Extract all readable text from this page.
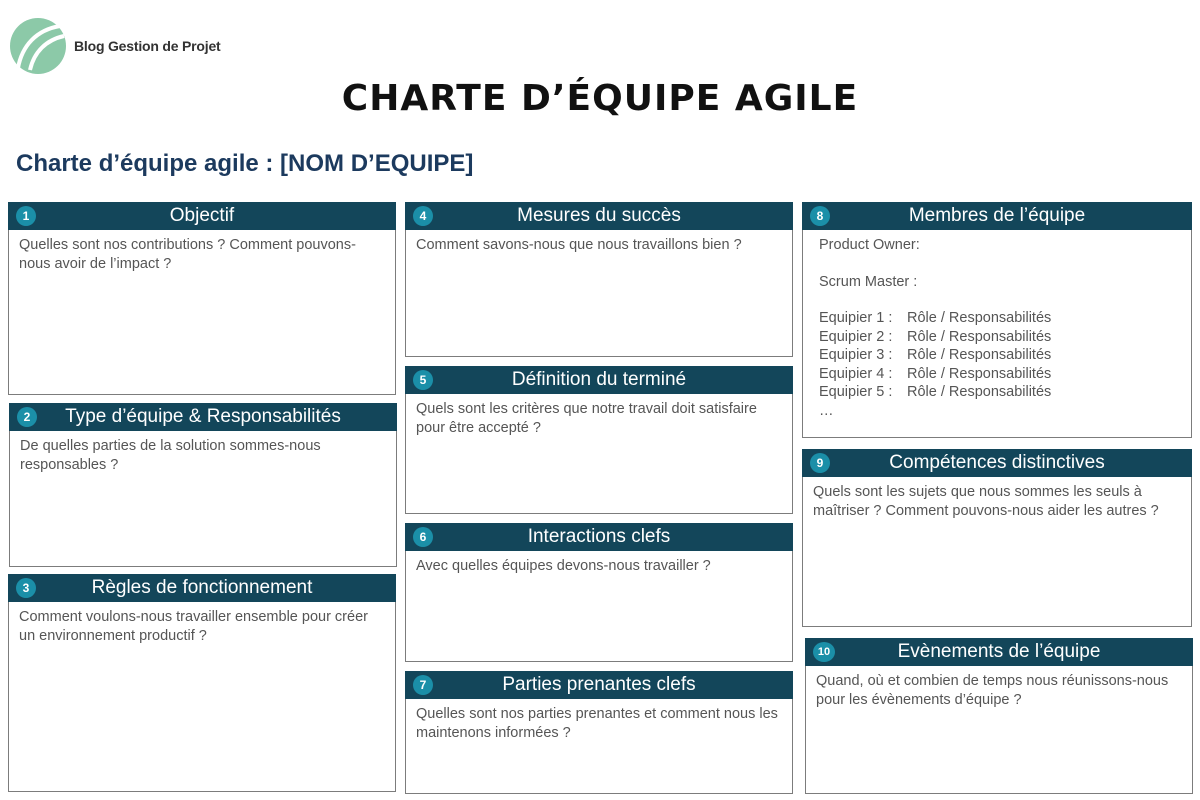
Blog Gestion de Projet
CHARTE D’ÉQUIPE AGILE
Charte d’équipe agile : [NOM D’EQUIPE]
1	Objectif
Quelles sont nos contributions ? Comment pouvons-nous avoir de l’impact ?
2	Type d’équipe & Responsabilités
De quelles parties de la solution sommes-nous responsables ?
3	Règles de fonctionnement
Comment voulons-nous travailler ensemble pour créer un environnement productif ?
4	Mesures du succès
Comment savons-nous que nous travaillons bien ?
5	Définition du terminé
Quels sont les critères que notre travail doit satisfaire pour être accepté ?
6	Interactions clefs
Avec quelles équipes devons-nous travailler ?
7	Parties prenantes clefs
Quelles sont nos parties prenantes et comment nous les maintenons informées ?
8	Membres de l’équipe
Product Owner:
Scrum Master :
Equipier 1 :	Rôle / Responsabilités
Equipier 2 :	Rôle / Responsabilités
Equipier 3 :	Rôle / Responsabilités
Equipier 4 :	Rôle / Responsabilités
Equipier 5 :	Rôle / Responsabilités
…
9	Compétences distinctives
Quels sont les sujets que nous sommes les seuls à maîtriser ? Comment pouvons-nous aider les autres ?
10	Evènements de l’équipe
Quand, où et combien de temps nous réunissons-nous pour les évènements d’équipe ?
